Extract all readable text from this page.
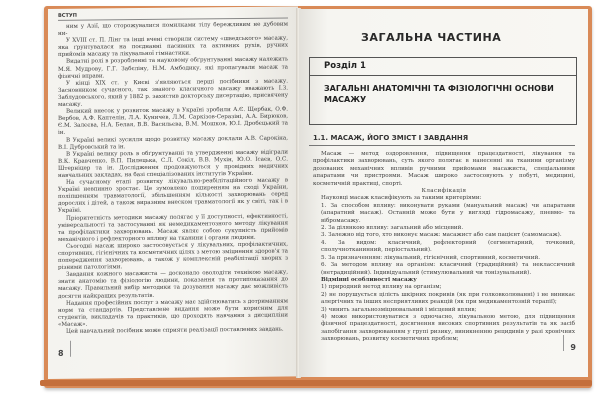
ВСТУП

ним у Азії, що сторожувалися помилками тілу бережливим не дубовим ни-

У XVIII ст. П. Лінг та інші вчені створили систему «шведського» масажу, яка ґрунтувалася на поєднанні пасивних та активних рухів, ручних прийомів масажу та лікувальної гімнастики.

Видатні ролі в розробленні та науковому обґрунтуванні масажу належить М.Я. Мудрову, Г.Г. Забєліну, Н.М. Амбодику, які пропагували масаж та фізичні вправи.

У кінці XIX ст. у Києві з'являються перші посібники з масажу. Засновником сучасного, так званого класичного масажу вважають І.З. Заблудовського, який у 1882 р. захистив докторську дисертацію, присвячену масажу.

Великий внесок у розвиток масажу в Україні зробили А.Є. Щербак, О.Ф. Вербов, А.Ф. Каптелін, Л.А. Куничев, Л.М. Саркізов-Серазіні, А.А. Бирюков, Є.М. Залєєва, Н.А. Белая, В.В. Васильєва, В.М. Мошков, Ю.І. Дробєцький та ін.

В Україні великі зусилля щодо розвитку масажу доклали А.В. Сарокіна, В.І. Дубровський та ін.

В Україні велику роль в обґрунтуванні та утвердженні масажу відіграли В.К. Кравченко, В.П. Пилецька, С.Л. Сокіл, В.В. Мухін, Ю.О. Ісаєв, О.С. Штерніцер та ін. Дослідження продовжуються у провідних медичних навчальних закладах, на базі спеціалізованих інститутів України.

На сучасному етапі розвитку лікувально-реабілітаційного масажу в Україні невпинно зростає. Це зумовлено поширенням на сході України, поліпшенням травматології, збільшенням кількості захворювань серед дорослих і дітей, а також виразним внеском травматології як у світі, так і в Україні.

Пріоритетність методики масажу полягає у її доступності, ефективності, універсальності та застосуванні як немедикаментозного методу лікування та профілактики захворювань. Масаж являє собою сукупність прийомів механічного і рефлекторного впливу на тканини і органи людини.

Сьогодні масаж широко застосовується у лікувальних, профілактичних, спортивних, гігієнічних та косметичних цілях з метою зміцнення здоров'я та попередження захворювань, а також у комплексній реабілітації хворих з різними патологіями.

Завдання кожного масажиста — досконало оволодіти технікою масажу, знати анатомію та фізіологію людини, показання та протипоказання до масажу. Правильний вибір методики та дозування масажу дає можливість досягти найкращих результатів.

Надання професійних послуг з масажу має здійснюватись з дотриманням норм та стандартів. Представлене видання може бути корисним для студентів, викладачів та практиків, що проходять навчання з дисципліни «Масаж».

Цей навчальний посібник може сприяти реалізації поставлених завдань.

8
ЗАГАЛЬНА ЧАСТИНА
Розділ 1
ЗАГАЛЬНІ АНАТОМІЧНІ ТА ФІЗІОЛОГІЧНІ ОСНОВИ МАСАЖУ
1.1. МАСАЖ, ЙОГО ЗМІСТ І ЗАВДАННЯ

Масаж — метод оздоровлення, підвищення працездатності, лікування та профілактики захворювань, суть якого полягає в нанесенні на тканини організму дозованих механічних впливів ручними прийомами масажиста, спеціальними апаратами чи пристроями. Масаж широко застосовують у побуті, медицині, косметичній практиці, спорті.

Класифікація

Науковці масаж класифікують за такими критеріями:

1. За способом впливу: виконувати руками (мануальний масаж) чи апаратами (апаратний масаж). Останній може бути у вигляді гідромасажу, пневмо- та вібромасажу.

2. За ділянкою впливу: загальний або місцевий.

3. Залежно від того, хто виконує масаж: масажист або сам пацієнт (самомасаж).

4. За видом: класичний, рефлекторний (сегментарний, точковий, сполучнотканинний, періостальний).

5. За призначенням: лікувальний, гігієнічний, спортивний, косметичний.

6. За методом впливу на організм: класичний (традиційний) та неклассичний (нетрадиційний). Індивідуальний (стимулювальний чи тонізувальний).

Відмінні особливості масажу

1) природний метод впливу на організм;

2) не порушується цілість шкірних покривів (як при голковколюванні) і не виникає алергічних та інших несприятливих реакцій (як при медикаментозній терапії);

3) чинить загальнозміцнювальний і місцевий вплив;

4) може використовуватися з одночасно, лікувальною метою, для підвищення фізичної працездатності, досягнення високих спортивних результатів та як засіб запобігання захворюванням у групі ризику, виникненню рецидивів у разі хронічних захворювань, розвитку косметичних проблем;

9
